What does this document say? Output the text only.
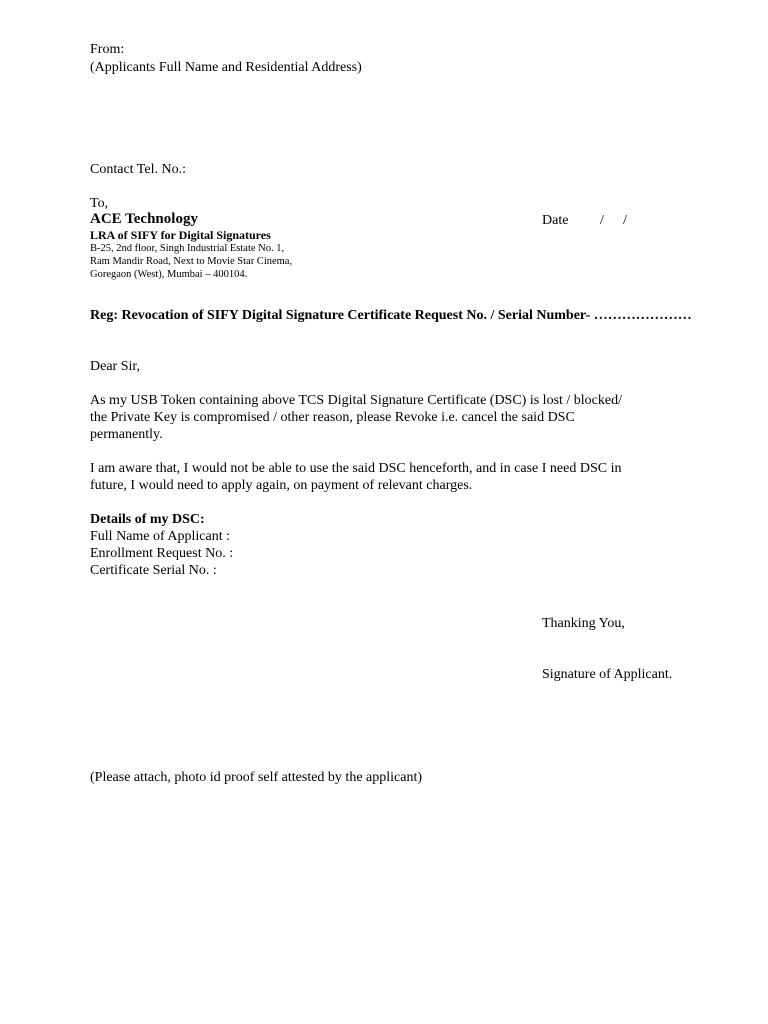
From:
(Applicants Full Name and Residential Address)
Contact Tel. No.:
To,
ACE Technology
LRA of SIFY for Digital Signatures
B-25, 2nd floor, Singh Industrial Estate No. 1,
Ram Mandir Road, Next to Movie Star Cinema,
Goregaon (West), Mumbai – 400104.
Date / /
Reg: Revocation of SIFY Digital Signature Certificate Request No. / Serial Number- …………………
Dear Sir,
As my USB Token containing above TCS Digital Signature Certificate (DSC) is lost / blocked/
the Private Key is compromised / other reason, please Revoke i.e. cancel the said DSC
permanently.
I am aware that, I would not be able to use the said DSC henceforth, and in case I need DSC in
future, I would need to apply again, on payment of relevant charges.
Details of my DSC:
Full Name of Applicant :
Enrollment Request No. :
Certificate Serial No. :
Thanking You,
Signature of Applicant.
(Please attach, photo id proof self attested by the applicant)
